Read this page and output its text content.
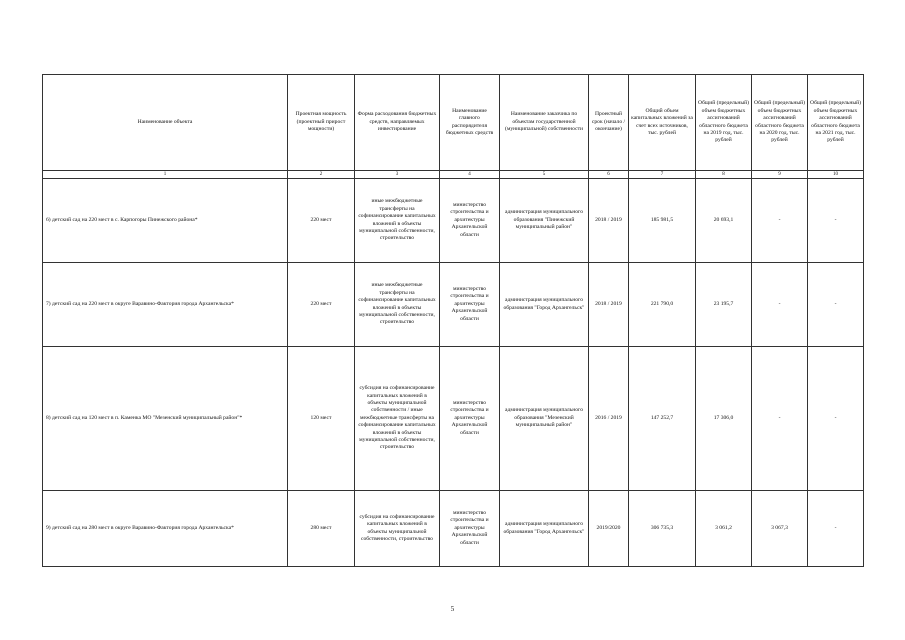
Наименование объекта	Проектная мощность (проектный прирост мощности)	Форма расходования бюджетных средств, направляемых инвестирование	Наименование главного распорядителя бюджетных средств	Наименование заказчика по объектам государственной (муниципальной) собственности	Проектный срок (начало / окончание)	Общий объем капитальных вложений за счет всех источников, тыс. рублей	Общий (предельный) объем бюджетных ассигнований областного бюджета на 2019 год, тыс. рублей	Общий (предельный) объем бюджетных ассигнований областного бюджета на 2020 год, тыс. рублей	Общий (предельный) объем бюджетных ассигнований областного бюджета на 2021 год, тыс. рублей
1	2	3	4	5	6	7	8	9	10
6) детский сад на 220 мест в с. Карпогоры Пинежского района*	220 мест	иные межбюджетные трансферты на софинансирование капитальных вложений в объекты муниципальной собственности, строительство	министерство строительства и архитектуры Архангельской области	администрация муниципального образования "Пинежский муниципальный район"	2018 / 2019	185 981,5	20 693,1	-	-
7) детский сад на 220 мест в округе Варавино-Фактория города Архангельска*	220 мест	иные межбюджетные трансферты на софинансирование капитальных вложений в объекты муниципальной собственности, строительство	министерство строительства и архитектуры Архангельской области	администрация муниципального образования "Город Архангельск"	2018 / 2019	221 790,0	23 195,7	-	-
8) детский сад на 120 мест в п. Каменка МО "Мезенский муниципальный район"*	120 мест	субсидия на софинансирование капитальных вложений в объекты муниципальной собственности / иные межбюджетные трансферты на софинансирование капитальных вложений в объекты муниципальной собственности, строительство	министерство строительства и архитектуры Архангельской области	администрация муниципального образования "Мезенский муниципальный район"	2016 / 2019	147 252,7	17 306,0	-	-
9) детский сад на 280 мест в округе Варавино-Фактория города Архангельска*	280 мест	субсидия на софинансирование капитальных вложений в объекты муниципальной собственности, строительство	министерство строительства и архитектуры Архангельской области	администрация муниципального образования "Город Архангельск"	2019/2020	306 735,3	3 061,2	3 067,3	-
5
